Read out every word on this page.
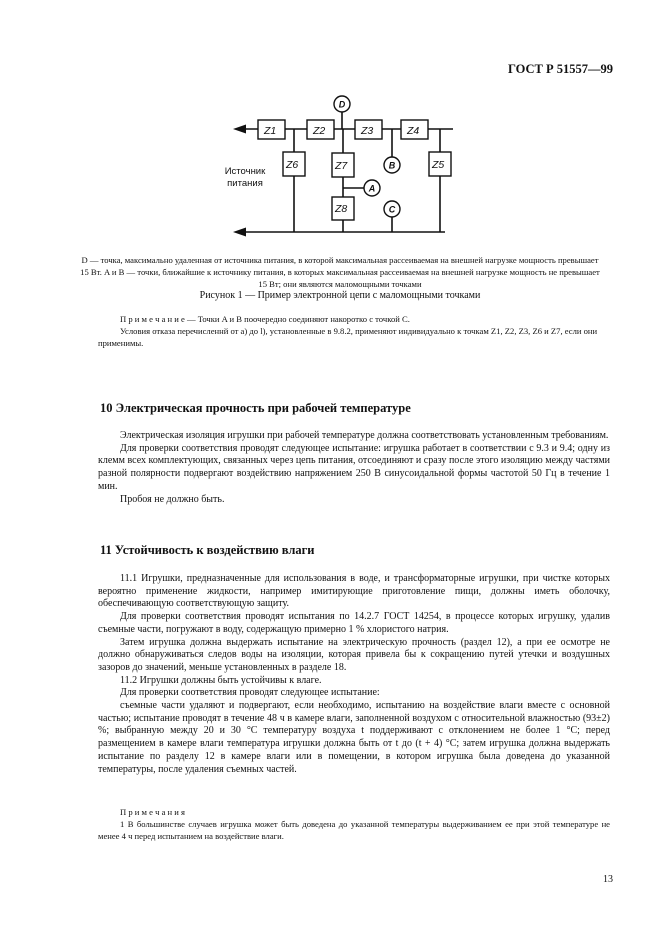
ГОСТ Р 51557—99
Z1	Z2	Z3	Z4
Z6	Z7	Z5
Z8
D
B
A
C
Источник
питания
D — точка, максимально удаленная от источника питания, в которой максимальная рассеиваемая на внешней нагрузке мощность превышает 15 Вт. A и B — точки, ближайшие к источнику питания, в которых максимальная рассеиваемая на внешней нагрузке мощность не превышает 15 Вт; они являются маломощными точками
Рисунок 1 — Пример электронной цепи с маломощными точками

П р и м е ч а н и е — Точки A и B поочередно соединяют накоротко с точкой C.

Условия отказа перечисленнй от а) до l), установленные в 9.8.2, применяют индивидуально к точкам Z1, Z2, Z3, Z6 и Z7, если они применимы.

10 Электрическая прочность при рабочей температуре

Электрическая изоляция игрушки при рабочей температуре должна соответствовать установленным требованиям.

Для проверки соответствия проводят следующее испытание: игрушка работает в соответствии с 9.3 и 9.4; одну из клемм всех комплектующих, связанных через цепь питания, отсоединяют и сразу после этого изоляцию между частями разной полярности подвергают воздействию напряжением 250 В синусоидальной формы частотой 50 Гц в течение 1 мин.

Пробоя не должно быть.

11 Устойчивость к воздействию влаги

11.1 Игрушки, предназначенные для использования в воде, и трансформаторные игрушки, при чистке которых вероятно применение жидкости, например имитирующие приготовление пищи, должны иметь оболочку, обеспечивающую соответствующую защиту.

Для проверки соответствия проводят испытания по 14.2.7 ГОСТ 14254, в процессе которых игрушку, удалив съемные части, погружают в воду, содержащую примерно 1 % хлористого натрия.

Затем игрушка должна выдержать испытание на электрическую прочность (раздел 12), а при ее осмотре не должно обнаруживаться следов воды на изоляции, которая привела бы к сокращению путей утечки и воздушных зазоров до значений, меньше установленных в разделе 18.

11.2 Игрушки должны быть устойчивы к влаге.

Для проверки соответствия проводят следующее испытание:

съемные части удаляют и подвергают, если необходимо, испытанию на воздействие влаги вместе с основной частью; испытание проводят в течение 48 ч в камере влаги, заполненной воздухом с относительной влажностью (93±2) %; выбранную между 20 и 30 °С температуру воздуха t поддерживают с отклонением не более 1 °С; перед размещением в камере влаги температура игрушки должна быть от t до (t + 4) °С; затем игрушка должна выдержать испытание по разделу 12 в камере влаги или в помещении, в котором игрушка была доведена до указанной температуры, после удаления съемных частей.

П р и м е ч а н и я

1 В большинстве случаев игрушка может быть доведена до указанной температуры выдерживанием ее при этой температуре не менее 4 ч перед испытанием на воздействие влаги.

13
